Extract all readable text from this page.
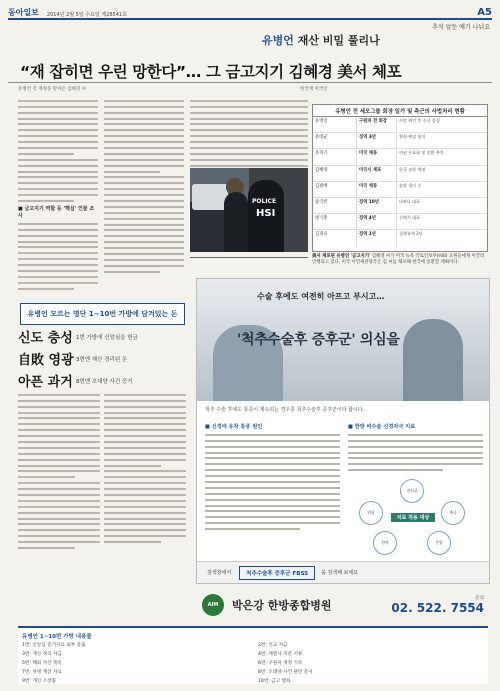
동아일보 2014년 2월 5일 수요일 제28541호	A5
추석 앞둔 예기 나눠요
유병언 재산 비밀 풀리나
“재 잡히면 우린 망한다”… 그 금고지기 김혜경 美서 체포
유병언 측 재정을 맡아온 김혜경 씨	한국계 미국인
■ 금고지기 역할 등 '핵심' 인물 조사
유병언 전 세모그룹 회장 일가 및 측근의 사법처리 현황
유병언	구원파 전 회장	사망 확인 후 수사 종결
유대균	징역 3년	횡령·배임 혐의
유혁기	미국 체류	여권 무효화 및 송환 추진
김혜경	미국서 체포	한국 송환 예정
김필배	미국 체류	송환 협의 중
송국빈	징역 10년	다판다 대표
변기춘	징역 4년	천해지 대표
김경숙	징역 1년	집행유예 2년
POLICE
HSI
美서 체포된 유병언 '금고지기' 김혜경 씨가 미국 뉴욕 국토안보부(HSI) 요원들에게 이끌려 연행되고 있다. 미국 이민세관당국은 김 씨를 체포해 한국에 송환할 계획이다.
유병언 모르는 명단 1~10번 가방에 담겨있는 돈
신도 충성 1번 가방에 신앙심을 헌금
自敗 영광 3번엔 재산 정리된 돈
아픈 과거 8번엔 오대양 사건 증거
수술 후에도 여전히 아프고 부시고…
'척추수술후 증후군' 의심을
척추 수술 후에도 통증이 계속되는 경우를 척추수술후 증후군이라 합니다.
■ 신경에 유착 통증 원인	■ 한방 비수술 신경자극 치료
침치료
약침	추나
한약	온열
치료 적용 대상
검색창에서	척추수술후 증후군 FBSS	을 검색해 보세요
AIM	박은강 한방종합병원
문의
02. 522. 7554
유병언 1~10번 가방 내용물
1번: 신앙심 증거자료 외부 유출	2번: 선교 자금
3번: 재산 정리 자금	4번: 계열사 지분 서류
5번: 해외 자산 목록	6번: 구원파 재정 기록
7번: 차명 재산 자료	8번: 오대양 사건 관련 문서
9번: 개인 소장품	10번: 금고 열쇠
